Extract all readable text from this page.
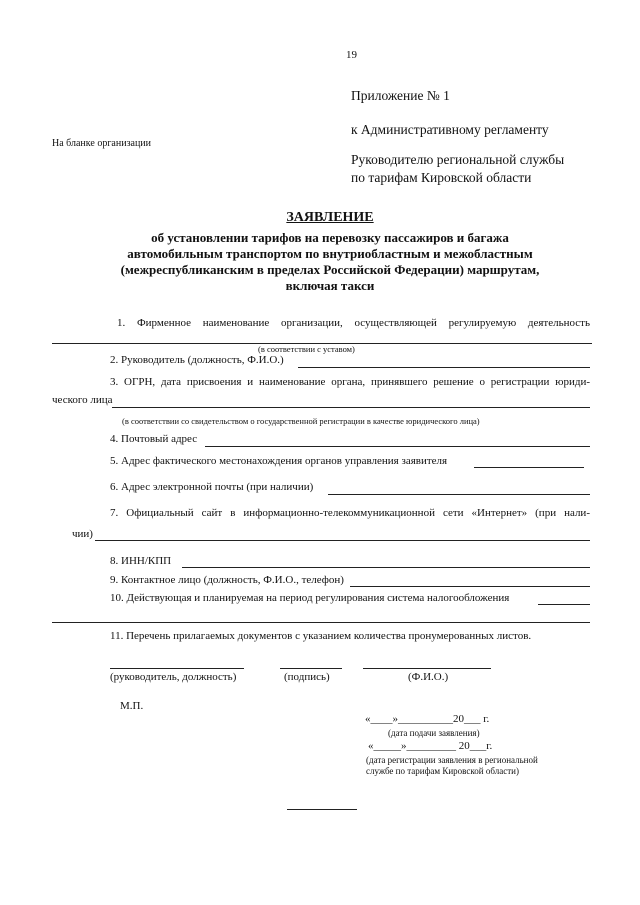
19
Приложение № 1
к Административному регламенту
Руководителю региональной службы
по тарифам Кировской области
На бланке организации
ЗАЯВЛЕНИЕ
об установлении тарифов на перевозку пассажиров и багажа
автомобильным транспортом по внутриобластным и межобластным
(межреспубликанским в пределах Российской Федерации) маршрутам,
включая такси
1. Фирменное наименование организации, осуществляющей регулируемую деятельность
(в соответствии с уставом)
2. Руководитель (должность, Ф.И.О.)
3. ОГРН, дата присвоения и наименование органа, принявшего решение о регистрации юриди-
ческого лица
(в соответствии со свидетельством о государственной регистрации в качестве юридического лица)
4. Почтовый адрес
5. Адрес фактического местонахождения органов управления заявителя
6. Адрес электронной почты (при наличии)
7. Официальный сайт в информационно-телекоммуникационной сети «Интернет» (при нали-
чии)
8. ИНН/КПП
9. Контактное лицо (должность, Ф.И.О., телефон)
10. Действующая и планируемая на период регулирования система налогообложения
11. Перечень прилагаемых документов с указанием количества пронумерованных листов.
(руководитель, должность)	(подпись)	(Ф.И.О.)
М.П.
«____»__________20___ г.
(дата подачи заявления)
«_____»_________ 20___г.
(дата регистрации заявления в региональной
службе по тарифам Кировской области)
